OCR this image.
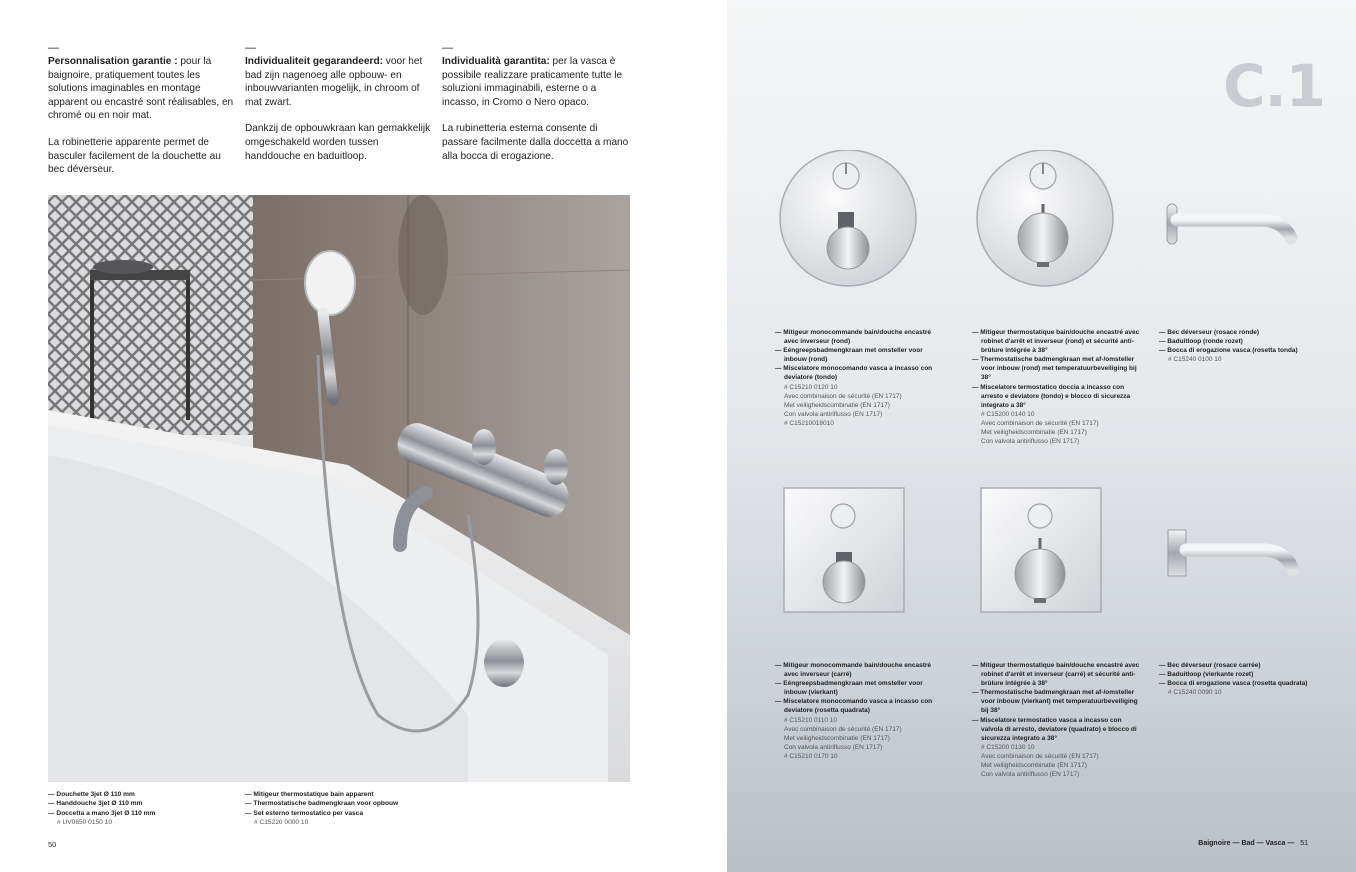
—

Personnalisation garantie : pour la baignoire, pratiquement toutes les solutions imaginables en montage apparent ou encastré sont réalisables, en chromé ou en noir mat.

La robinetterie apparente permet de basculer facilement de la douchette au bec déverseur.

—

Individualiteit gegarandeerd: voor het bad zijn nagenoeg alle opbouw- en inbouwvarianten mogelijk, in chroom of mat zwart.

Dankzij de opbouwkraan kan gemakkelijk omgeschakeld worden tussen handdouche en baduitloop.

—

Individualità garantita: per la vasca è possibile realizzare praticamente tutte le soluzioni immaginabili, esterne o a incasso, in Cromo o Nero opaco.

La rubinetteria esterna consente di passare facilmente dalla doccetta a mano alla bocca di erogazione.

— Douchette 3jet Ø 110 mm
— Handdouche 3jet Ø 110 mm
— Doccetta a mano 3jet Ø 110 mm
# UV0650 0150 10
— Mitigeur thermostatique bain apparent
— Thermostatische badmengkraan voor opbouw
— Set esterno termostatico per vasca
# C15220 0000 10
50
C.1
— Mitigeur monocommande bain/douche encastré avec inverseur (rond)
— Eéngreepsbadmengkraan met omsteller voor inbouw (rond)
— Miscelatore monocomando vasca a incasso con deviatore (tondo)
# C15210 0120 10
Avec combinaison de sécurité (EN 1717)
Met veiligheidscombinatie (EN 1717)
Con valvola antiriflusso (EN 1717)
# C15210018010
— Mitigeur thermostatique bain/douche encastré avec robinet d'arrêt et inverseur (rond) et sécurité anti-brûlure intégrée à 38°
— Thermostatische badmengkraan met af-/omsteller voor inbouw (rond) met temperatuurbeveiliging bij 38°
— Miscelatore termostatico doccia a incasso con arresto e deviatore (tondo) e blocco di sicurezza integrato a 38°
# C15200 0140 10
Avec combinaison de sécurité (EN 1717)
Met veiligheidscombinatie (EN 1717)
Con valvola antiriflusso (EN 1717)
— Bec déverseur (rosace ronde)
— Baduitloop (ronde rozet)
— Bocca di erogazione vasca (rosetta tonda)
# C15240 0100 10
— Mitigeur monocommande bain/douche encastré avec inverseur (carré)
— Eéngreepsbadmengkraan met omsteller voor inbouw (vierkant)
— Miscelatore monocomando vasca a incasso con deviatore (rosetta quadrata)
# C15210 0110 10
Avec combinaison de sécurité (EN 1717)
Met veiligheidscombinatie (EN 1717)
Con valvola antiriflusso (EN 1717)
# C15210 0170 10
— Mitigeur thermostatique bain/douche encastré avec robinet d'arrêt et inverseur (carré) et sécurité anti-brûlure intégrée à 38°
— Thermostatische badmengkraan met af-/omsteller voor inbouw (vierkant) met temperatuurbeveiliging bij 38°
— Miscelatore termostatico vasca a incasso con valvola di arresto, deviatore (quadrato) e blocco di sicurezza integrato a 38°
# C15200 0130 10
Avec combinaison de sécurité (EN 1717)
Met veiligheidscombinatie (EN 1717)
Con valvola antiriflusso (EN 1717)
— Bec déverseur (rosace carrée)
— Baduitloop (vierkante rozet)
— Bocca di erogazione vasca (rosetta quadrata)
# C15240 0090 10
Baignoire — Bad — Vasca — 51
